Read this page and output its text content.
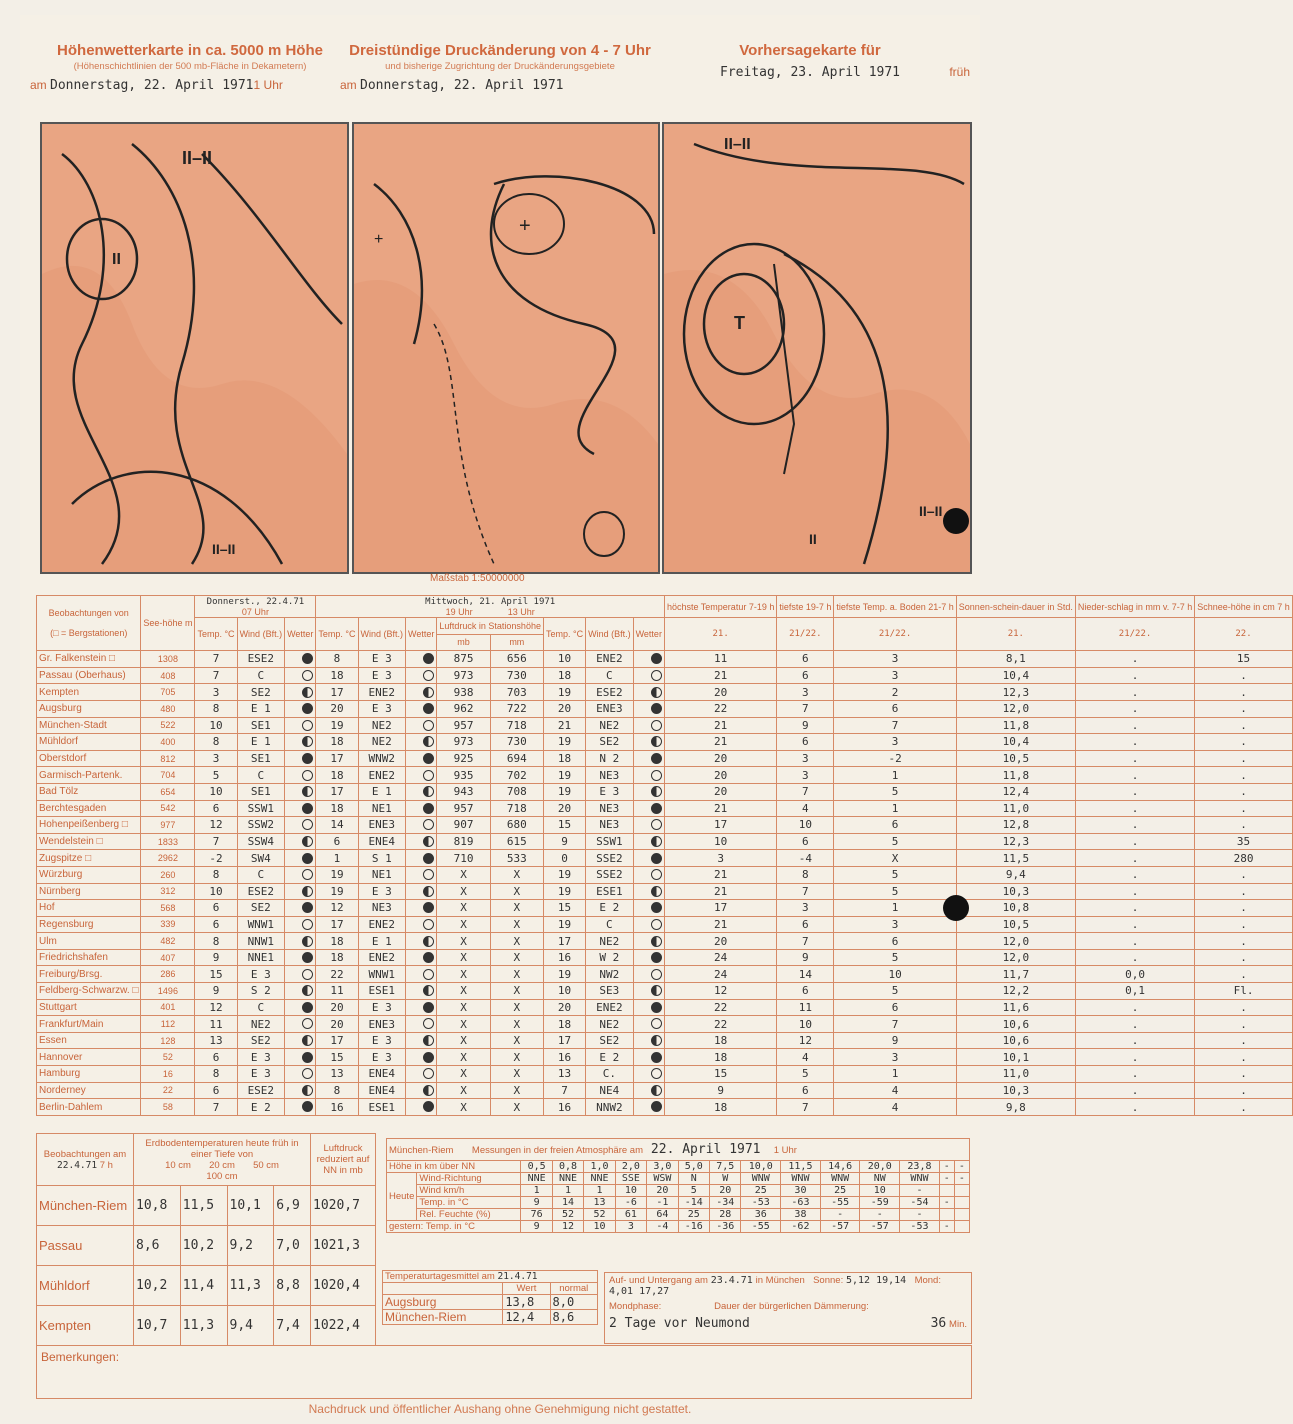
Höhenwetterkarte in ca. 5000 m Höhe
(Höhenschichtlinien der 500 mb-Fläche in Dekametern)
am Donnerstag, 22. April 19711 Uhr
Dreistündige Druckänderung von 4 - 7 Uhr
und bisherige Zugrichtung der Druckänderungsgebiete
am Donnerstag, 22. April 1971
Vorhersagekarte für
Freitag, 23. April 1971	früh
II–II
II
II–II
+
+
II–II
T
II
II–II
Maßstab 1:50000000
Beobachtungen von

(□ = Bergstationen)	See-höhe m	Donnerst., 22.4.71
07 Uhr			Mittwoch, 21. April 1971
19 Uhr 13 Uhr								höchste Temperatur 7-19 h	tiefste 19-7 h	tiefste Temp. a. Boden 21-7 h	Sonnen-schein-dauer in Std.	Nieder-schlag in mm v. 7-7 h	Schnee-höhe in cm 7 h
		Temp. °C	Wind (Bft.)	Wetter	Temp. °C	Wind (Bft.)	Wetter	Luftdruck in Stationshöhe		Temp. °C	Wind (Bft.)	Wetter	21.	21/22.	21/22.	21.	21/22.	22.
								mb	mm									
Gr. Falkenstein □	1308	7	ESE2		8	E 3		875	656	10	ENE2		11	6	3	8,1	.	15
Passau (Oberhaus)	408	7	C		18	E 3		973	730	18	C		21	6	3	10,4	.	.
Kempten	705	3	SE2		17	ENE2		938	703	19	ESE2		20	3	2	12,3	.	.
Augsburg	480	8	E 1		20	E 3		962	722	20	ENE3		22	7	6	12,0	.	.
München-Stadt	522	10	SE1		19	NE2		957	718	21	NE2		21	9	7	11,8	.	.
Mühldorf	400	8	E 1		18	NE2		973	730	19	SE2		21	6	3	10,4	.	.
Oberstdorf	812	3	SE1		17	WNW2		925	694	18	N 2		20	3	-2	10,5	.	.
Garmisch-Partenk.	704	5	C		18	ENE2		935	702	19	NE3		20	3	1	11,8	.	.
Bad Tölz	654	10	SE1		17	E 1		943	708	19	E 3		20	7	5	12,4	.	.
Berchtesgaden	542	6	SSW1		18	NE1		957	718	20	NE3		21	4	1	11,0	.	.
Hohenpeißenberg □	977	12	SSW2		14	ENE3		907	680	15	NE3		17	10	6	12,8	.	.
Wendelstein □	1833	7	SSW4		6	ENE4		819	615	9	SSW1		10	6	5	12,3	.	35
Zugspitze □	2962	-2	SW4		1	S 1		710	533	0	SSE2		3	-4	X	11,5	.	280
Würzburg	260	8	C		19	NE1		X	X	19	SSE2		21	8	5	9,4	.	.
Nürnberg	312	10	ESE2		19	E 3		X	X	19	ESE1		21	7	5	10,3	.	.
Hof	568	6	SE2		12	NE3		X	X	15	E 2		17	3	1	10,8	.	.
Regensburg	339	6	WNW1		17	ENE2		X	X	19	C		21	6	3	10,5	.	.
Ulm	482	8	NNW1		18	E 1		X	X	17	NE2		20	7	6	12,0	.	.
Friedrichshafen	407	9	NNE1		18	ENE2		X	X	16	W 2		24	9	5	12,0	.	.
Freiburg/Brsg.	286	15	E 3		22	WNW1		X	X	19	NW2		24	14	10	11,7	0,0	.
Feldberg-Schwarzw. □	1496	9	S 2		11	ESE1		X	X	10	SE3		12	6	5	12,2	0,1	Fl.
Stuttgart	401	12	C		20	E 3		X	X	20	ENE2		22	11	6	11,6	.	.
Frankfurt/Main	112	11	NE2		20	ENE3		X	X	18	NE2		22	10	7	10,6	.	.
Essen	128	13	SE2		17	E 3		X	X	17	SE2		18	12	9	10,6	.	.
Hannover	52	6	E 3		15	E 3		X	X	16	E 2		18	4	3	10,1	.	.
Hamburg	16	8	E 3		13	ENE4		X	X	13	C.		15	5	1	11,0	.	.
Norderney	22	6	ESE2		8	ENE4		X	X	7	NE4		9	6	4	10,3	.	.
Berlin-Dahlem	58	7	E 2		16	ESE1		X	X	16	NNW2		18	7	4	9,8	.	.
Beobachtungen am
22.4.71 7 h	Erdbodentemperaturen heute früh in einer Tiefe von
10 cm 20 cm 50 cm100 cm				Luftdruck reduziert auf NN in mb
München-Riem	10,8	11,5	10,1	6,9	1020,7
Passau	8,6	10,2	9,2	7,0	1021,3
Mühldorf	10,2	11,4	11,3	8,8	1020,4
Kempten	10,7	11,3	9,4	7,4	1022,4
München-Riem Messungen in der freien Atmosphäre am 22. April 1971 1 Uhr															
Höhe in km über NN		0,5	0,8	1,0	2,0	3,0	5,0	7,5	10,0	11,5	14,6	20,0	23,8	-	-
Heute	Wind-Richtung	NNE	NNE	NNE	SSE	WSW	N	W	WNW	WNW	WNW	NW	WNW	-	-
	Wind km/h	1	1	1	10	20	5	20	25	30	25	10	-		
	Temp. in °C	9	14	13	-6	-1	-14	-34	-53	-63	-55	-59	-54	-	
	Rel. Feuchte (%)	76	52	52	61	64	25	28	36	38	-	-	-		
gestern: Temp. in °C		9	12	10	3	-4	-16	-36	-55	-62	-57	-57	-53	-	
Temperaturtagesmittel am 21.4.71		
	Wert	normal
Augsburg	13,8	8,0
München-Riem	12,4	8,6
Auf- und Untergang am 23.4.71 in München Sonne: 5,12 19,14 Mond: 4,01 17,27
Mondphase:	Dauer der bürgerlichen Dämmerung:
2 Tage vor Neumond	36 Min.
Bemerkungen:
Nachdruck und öffentlicher Aushang ohne Genehmigung nicht gestattet.
